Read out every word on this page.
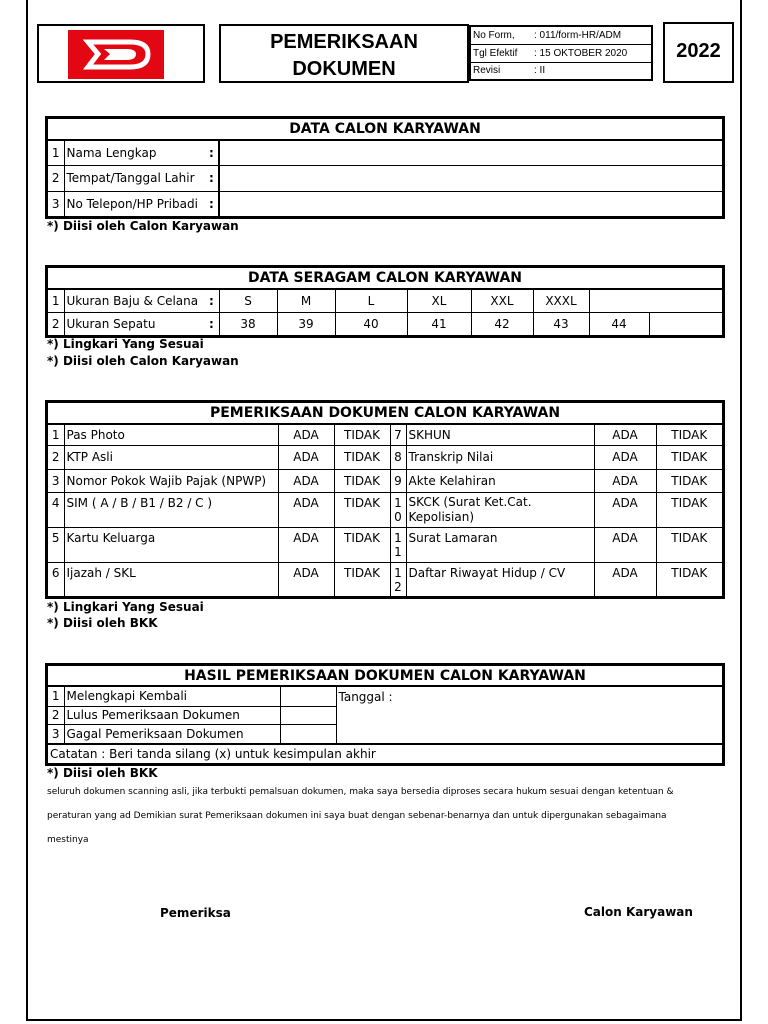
PEMERIKSAAN
DOKUMEN
No Form,	: 011/form-HR/ADM
Tgl Efektif	: 15 OKTOBER 2020
Revisi	: II
2022
DATA CALON KARYAWAN			
1	Nama Lengkap	:	
2	Tempat/Tanggal Lahir	:	
3	No Telepon/HP Pribadi	:	
*) Diisi oleh Calon Karyawan
DATA SERAGAM CALON KARYAWAN										
1	Ukuran Baju & Celana	:	S	M	L	XL	XXL	XXXL		
2	Ukuran Sepatu	:	38	39	40	41	42	43	44	
*) Lingkari Yang Sesuai
*) Diisi oleh Calon Karyawan
PEMERIKSAAN DOKUMEN CALON KARYAWAN							
1	Pas Photo	ADA	TIDAK	7	SKHUN	ADA	TIDAK
2	KTP Asli	ADA	TIDAK	8	Transkrip Nilai	ADA	TIDAK
3	Nomor Pokok Wajib Pajak (NPWP)	ADA	TIDAK	9	Akte Kelahiran	ADA	TIDAK
4	SIM ( A / B / B1 / B2 / C )	ADA	TIDAK	10	SKCK (Surat Ket.Cat. Kepolisian)	ADA	TIDAK
5	Kartu Keluarga	ADA	TIDAK	11	Surat Lamaran	ADA	TIDAK
6	Ijazah / SKL	ADA	TIDAK	12	Daftar Riwayat Hidup / CV	ADA	TIDAK
*) Lingkari Yang Sesuai
*) Diisi oleh BKK
HASIL PEMERIKSAAN DOKUMEN CALON KARYAWAN			
1	Melengkapi Kembali		Tanggal :
2	Lulus Pemeriksaan Dokumen		
3	Gagal Pemeriksaan Dokumen		
Catatan : Beri tanda silang (x) untuk kesimpulan akhir			
*) Diisi oleh BKK
seluruh dokumen scanning asli, jika terbukti pemalsuan dokumen, maka saya bersedia diproses secara hukum sesuai dengan ketentuan &
peraturan yang ad Demikian surat Pemeriksaan dokumen ini saya buat dengan sebenar-benarnya dan untuk dipergunakan sebagaimana
mestinya
Pemeriksa	Calon Karyawan
